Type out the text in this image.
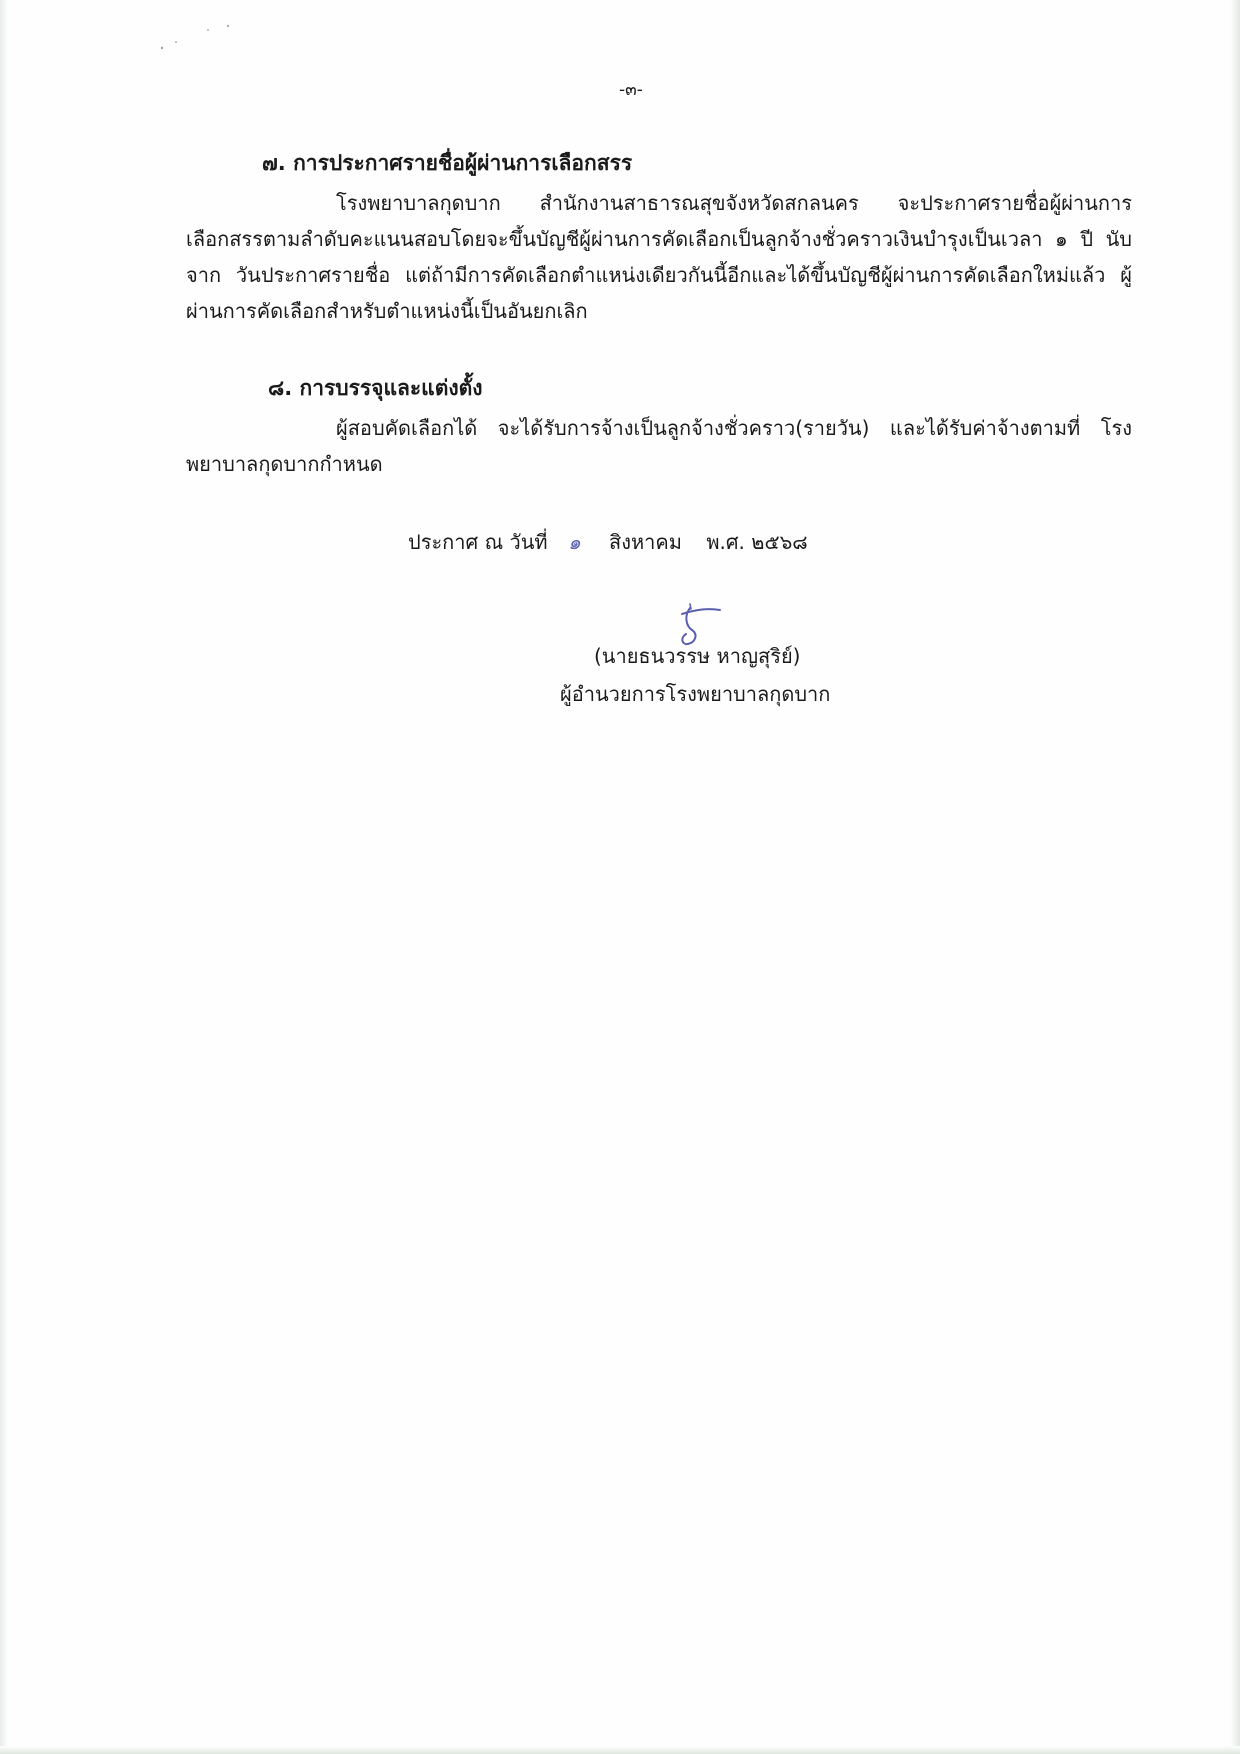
-๓-
๗. การประกาศรายชื่อผู้ผ่านการเลือกสรร
โรงพยาบาลกุดบาก สำนักงานสาธารณสุขจังหวัดสกลนคร จะประกาศรายชื่อผู้ผ่านการเลือกสรรตามลำดับคะแนนสอบโดยจะขึ้นบัญชีผู้ผ่านการคัดเลือกเป็นลูกจ้างชั่วคราวเงินบำรุงเป็นเวลา ๑ ปี นับจาก วันประกาศรายชื่อ แต่ถ้ามีการคัดเลือกตำแหน่งเดียวกันนี้อีกและได้ขึ้นบัญชีผู้ผ่านการคัดเลือกใหม่แล้ว ผู้ผ่านการคัดเลือกสำหรับตำแหน่งนี้เป็นอันยกเลิก
๘. การบรรจุและแต่งตั้ง
ผู้สอบคัดเลือกได้ จะได้รับการจ้างเป็นลูกจ้างชั่วคราว(รายวัน) และได้รับค่าจ้างตามที่ โรงพยาบาลกุดบากกำหนด
ประกาศ ณ วันที่ ๑ สิงหาคม พ.ศ. ๒๕๖๘
(นายธนวรรษ หาญสุริย์)
ผู้อำนวยการโรงพยาบาลกุดบาก
